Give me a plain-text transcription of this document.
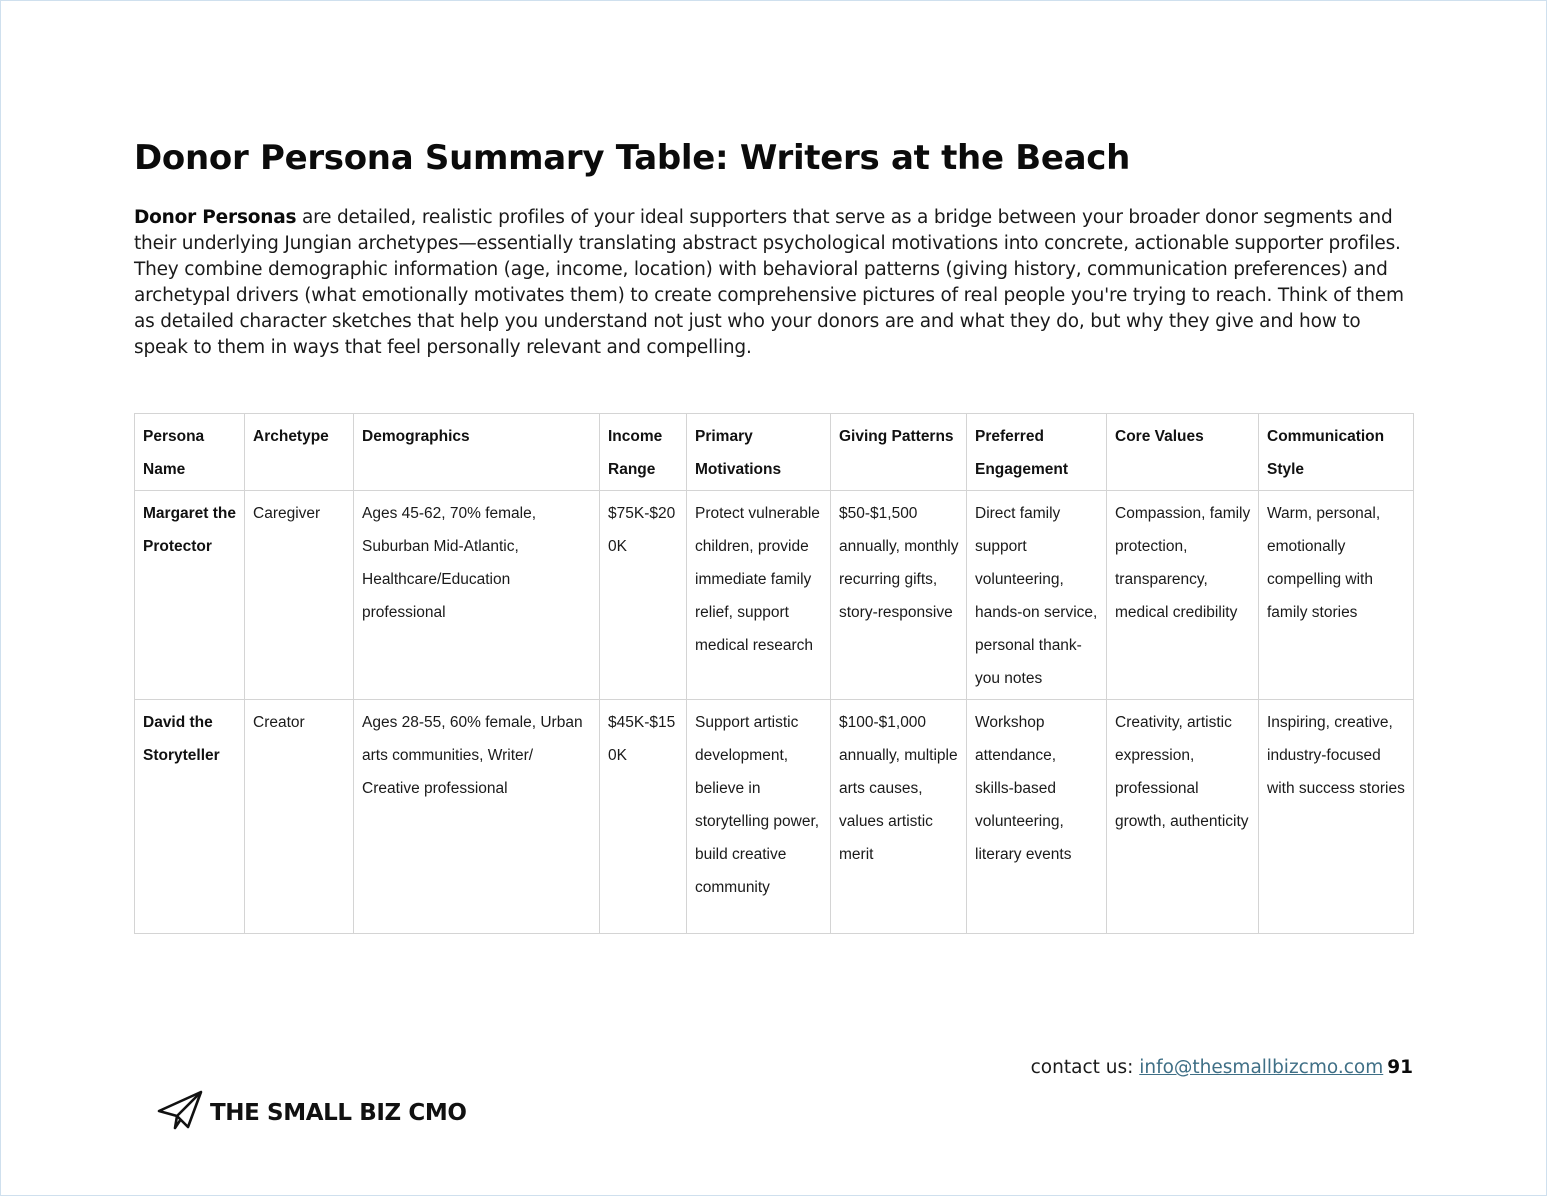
Donor Persona Summary Table: Writers at the Beach

Donor Personas are detailed, realistic profiles of your ideal supporters that serve as a bridge between your broader donor segments and their underlying Jungian archetypes—essentially translating abstract psychological motivations into concrete, actionable supporter profiles. They combine demographic information (age, income, location) with behavioral patterns (giving history, communication preferences) and archetypal drivers (what emotionally motivates them) to create comprehensive pictures of real people you're trying to reach. Think of them as detailed character sketches that help you understand not just who your donors are and what they do, but why they give and how to speak to them in ways that feel personally relevant and compelling.

Persona Name	Archetype	Demographics	Income Range	Primary Motivations	Giving Patterns	Preferred Engagement	Core Values	Communication Style
Margaret the Protector	Caregiver	Ages 45-62, 70% female, Suburban Mid-Atlantic, Healthcare/Education professional	$75K-$200K	Protect vulnerable children, provide immediate family relief, support medical research	$50-$1,500 annually, monthly recurring gifts, story-responsive	Direct family support volunteering, hands-on service, personal thank-you notes	Compassion, family protection, transparency, medical credibility	Warm, personal, emotionally compelling with family stories
David the Storyteller	Creator	Ages 28-55, 60% female, Urban arts communities, Writer/ Creative professional	$45K-$150K	Support artistic development, believe in storytelling power, build creative community	$100-$1,000 annually, multiple arts causes, values artistic merit	Workshop attendance, skills-based volunteering, literary events	Creativity, artistic expression, professional growth, authenticity	Inspiring, creative, industry-focused with success stories
contact us: info@thesmallbizcmo.com 91
THE SMALL BIZ CMO
